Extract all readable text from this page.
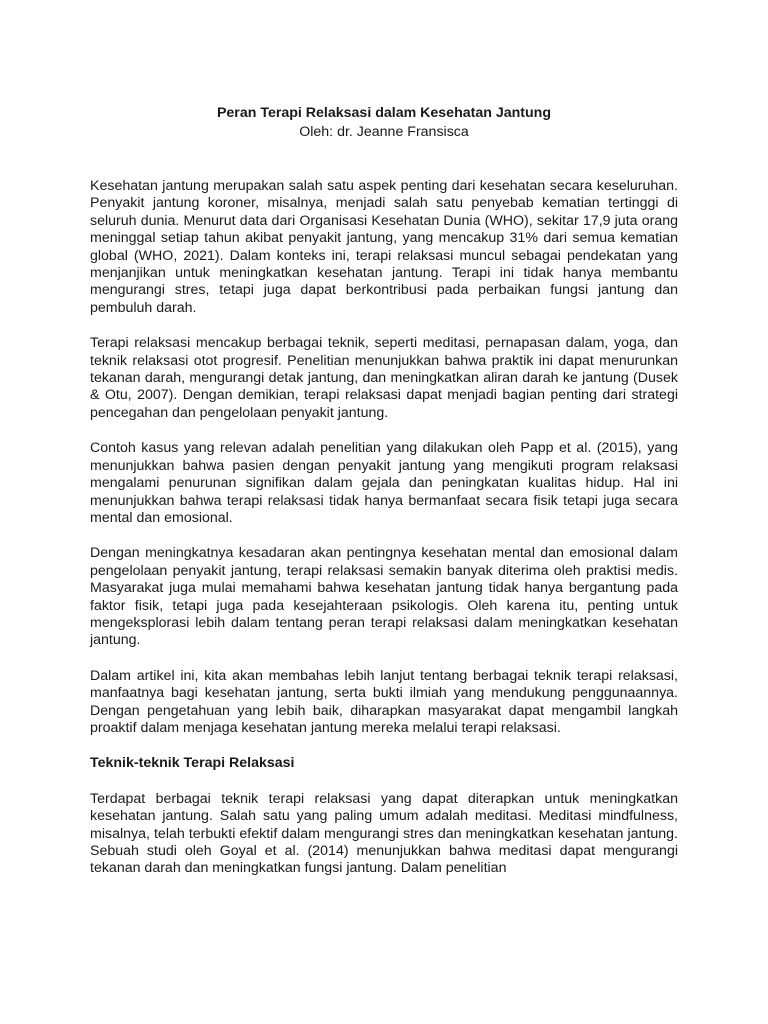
Peran Terapi Relaksasi dalam Kesehatan Jantung

Oleh: dr. Jeanne Fransisca

Kesehatan jantung merupakan salah satu aspek penting dari kesehatan secara keseluruhan. Penyakit jantung koroner, misalnya, menjadi salah satu penyebab kematian tertinggi di seluruh dunia. Menurut data dari Organisasi Kesehatan Dunia (WHO), sekitar 17,9 juta orang meninggal setiap tahun akibat penyakit jantung, yang mencakup 31% dari semua kematian global (WHO, 2021). Dalam konteks ini, terapi relaksasi muncul sebagai pendekatan yang menjanjikan untuk meningkatkan kesehatan jantung. Terapi ini tidak hanya membantu mengurangi stres, tetapi juga dapat berkontribusi pada perbaikan fungsi jantung dan pembuluh darah.

Terapi relaksasi mencakup berbagai teknik, seperti meditasi, pernapasan dalam, yoga, dan teknik relaksasi otot progresif. Penelitian menunjukkan bahwa praktik ini dapat menurunkan tekanan darah, mengurangi detak jantung, dan meningkatkan aliran darah ke jantung (Dusek & Otu, 2007). Dengan demikian, terapi relaksasi dapat menjadi bagian penting dari strategi pencegahan dan pengelolaan penyakit jantung.

Contoh kasus yang relevan adalah penelitian yang dilakukan oleh Papp et al. (2015), yang menunjukkan bahwa pasien dengan penyakit jantung yang mengikuti program relaksasi mengalami penurunan signifikan dalam gejala dan peningkatan kualitas hidup. Hal ini menunjukkan bahwa terapi relaksasi tidak hanya bermanfaat secara fisik tetapi juga secara mental dan emosional.

Dengan meningkatnya kesadaran akan pentingnya kesehatan mental dan emosional dalam pengelolaan penyakit jantung, terapi relaksasi semakin banyak diterima oleh praktisi medis. Masyarakat juga mulai memahami bahwa kesehatan jantung tidak hanya bergantung pada faktor fisik, tetapi juga pada kesejahteraan psikologis. Oleh karena itu, penting untuk mengeksplorasi lebih dalam tentang peran terapi relaksasi dalam meningkatkan kesehatan jantung.

Dalam artikel ini, kita akan membahas lebih lanjut tentang berbagai teknik terapi relaksasi, manfaatnya bagi kesehatan jantung, serta bukti ilmiah yang mendukung penggunaannya. Dengan pengetahuan yang lebih baik, diharapkan masyarakat dapat mengambil langkah proaktif dalam menjaga kesehatan jantung mereka melalui terapi relaksasi.

Teknik-teknik Terapi Relaksasi

Terdapat berbagai teknik terapi relaksasi yang dapat diterapkan untuk meningkatkan kesehatan jantung. Salah satu yang paling umum adalah meditasi. Meditasi mindfulness, misalnya, telah terbukti efektif dalam mengurangi stres dan meningkatkan kesehatan jantung. Sebuah studi oleh Goyal et al. (2014) menunjukkan bahwa meditasi dapat mengurangi tekanan darah dan meningkatkan fungsi jantung. Dalam penelitian
